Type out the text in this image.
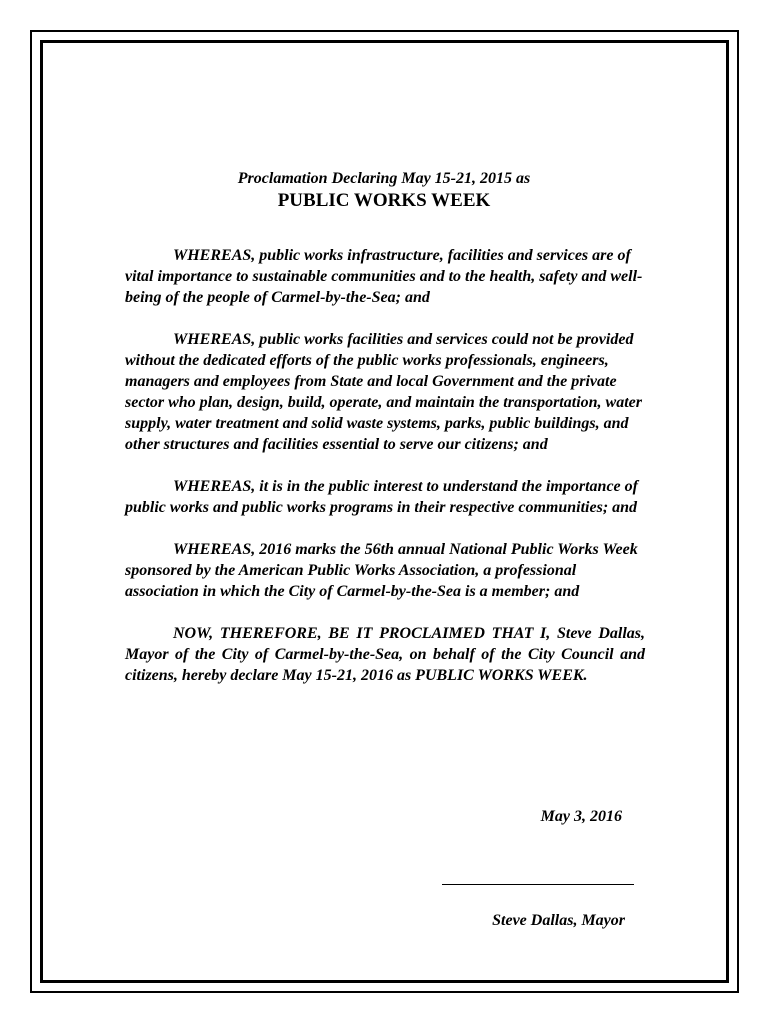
Proclamation Declaring May 15-21, 2015 as
PUBLIC WORKS WEEK

WHEREAS, public works infrastructure, facilities and services are of vital importance to sustainable communities and to the health, safety and well-being of the people of Carmel-by-the-Sea; and

WHEREAS, public works facilities and services could not be provided without the dedicated efforts of the public works professionals, engineers, managers and employees from State and local Government and the private sector who plan, design, build, operate, and maintain the transportation, water supply, water treatment and solid waste systems, parks, public buildings, and other structures and facilities essential to serve our citizens; and

WHEREAS, it is in the public interest to understand the importance of public works and public works programs in their respective communities; and

WHEREAS, 2016 marks the 56th annual National Public Works Week sponsored by the American Public Works Association, a professional association in which the City of Carmel-by-the-Sea is a member; and

NOW, THEREFORE, BE IT PROCLAIMED THAT I, Steve Dallas, Mayor of the City of Carmel-by-the-Sea, on behalf of the City Council and citizens, hereby declare May 15-21, 2016 as PUBLIC WORKS WEEK.

May 3, 2016
Steve Dallas, Mayor
